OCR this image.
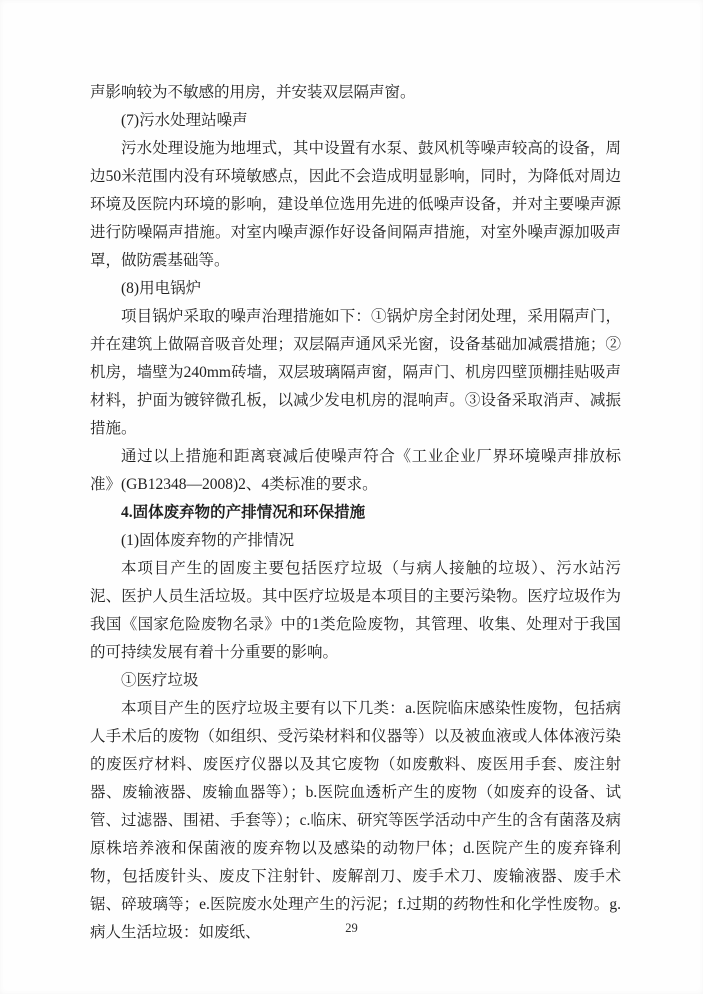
声影响较为不敏感的用房，并安装双层隔声窗。

(7)污水处理站噪声

污水处理设施为地埋式，其中设置有水泵、鼓风机等噪声较高的设备，周边50米范围内没有环境敏感点，因此不会造成明显影响，同时，为降低对周边环境及医院内环境的影响，建设单位选用先进的低噪声设备，并对主要噪声源进行防噪隔声措施。对室内噪声源作好设备间隔声措施，对室外噪声源加吸声罩，做防震基础等。

(8)用电锅炉

项目锅炉采取的噪声治理措施如下：①锅炉房全封闭处理，采用隔声门，并在建筑上做隔音吸音处理；双层隔声通风采光窗，设备基础加减震措施；②机房，墙壁为240mm砖墙，双层玻璃隔声窗，隔声门、机房四壁顶棚挂贴吸声材料，护面为镀锌微孔板，以减少发电机房的混响声。③设备采取消声、减振措施。

通过以上措施和距离衰减后使噪声符合《工业企业厂界环境噪声排放标准》(GB12348—2008)2、4类标准的要求。

4.固体废弃物的产排情况和环保措施

(1)固体废弃物的产排情况

本项目产生的固废主要包括医疗垃圾（与病人接触的垃圾）、污水站污泥、医护人员生活垃圾。其中医疗垃圾是本项目的主要污染物。医疗垃圾作为我国《国家危险废物名录》中的1类危险废物，其管理、收集、处理对于我国的可持续发展有着十分重要的影响。

①医疗垃圾

本项目产生的医疗垃圾主要有以下几类：a.医院临床感染性废物，包括病人手术后的废物（如组织、受污染材料和仪器等）以及被血液或人体体液污染的废医疗材料、废医疗仪器以及其它废物（如废敷料、废医用手套、废注射器、废输液器、废输血器等）；b.医院血透析产生的废物（如废弃的设备、试管、过滤器、围裙、手套等）；c.临床、研究等医学活动中产生的含有菌落及病原株培养液和保菌液的废弃物以及感染的动物尸体；d.医院产生的废弃锋利物，包括废针头、废皮下注射针、废解剖刀、废手术刀、废输液器、废手术锯、碎玻璃等；e.医院废水处理产生的污泥；f.过期的药物性和化学性废物。g.病人生活垃圾：如废纸、	29
